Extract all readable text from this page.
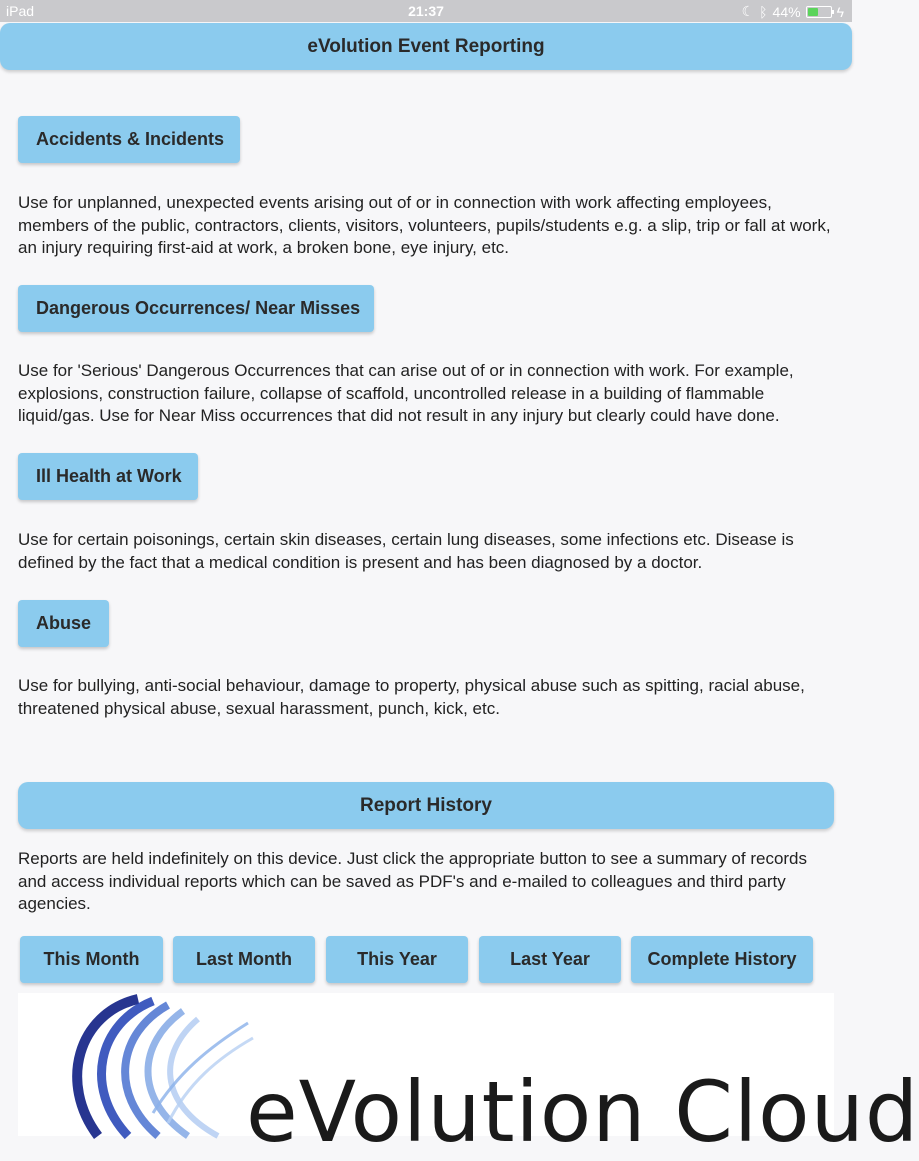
iPad	21:37	☾ ᛒ 44%	ϟ
eVolution Event Reporting
Accidents & Incidents
Use for unplanned, unexpected events arising out of or in connection with work affecting employees, members of the public, contractors, clients, visitors, volunteers, pupils/students e.g. a slip, trip or fall at work, an injury requiring first-aid at work, a broken bone, eye injury, etc.
Dangerous Occurrences/ Near Misses
Use for 'Serious' Dangerous Occurrences that can arise out of or in connection with work. For example, explosions, construction failure, collapse of scaffold, uncontrolled release in a building of flammable liquid/gas. Use for Near Miss occurrences that did not result in any injury but clearly could have done.
Ill Health at Work
Use for certain poisonings, certain skin diseases, certain lung diseases, some infections etc. Disease is defined by the fact that a medical condition is present and has been diagnosed by a doctor.
Abuse
Use for bullying, anti-social behaviour, damage to property, physical abuse such as spitting, racial abuse, threatened physical abuse, sexual harassment, punch, kick, etc.
Report History
Reports are held indefinitely on this device. Just click the appropriate button to see a summary of records and access individual reports which can be saved as PDF's and e-mailed to colleagues and third party agencies.
This Month	Last Month	This Year	Last Year	Complete History
eVolution Cloud
